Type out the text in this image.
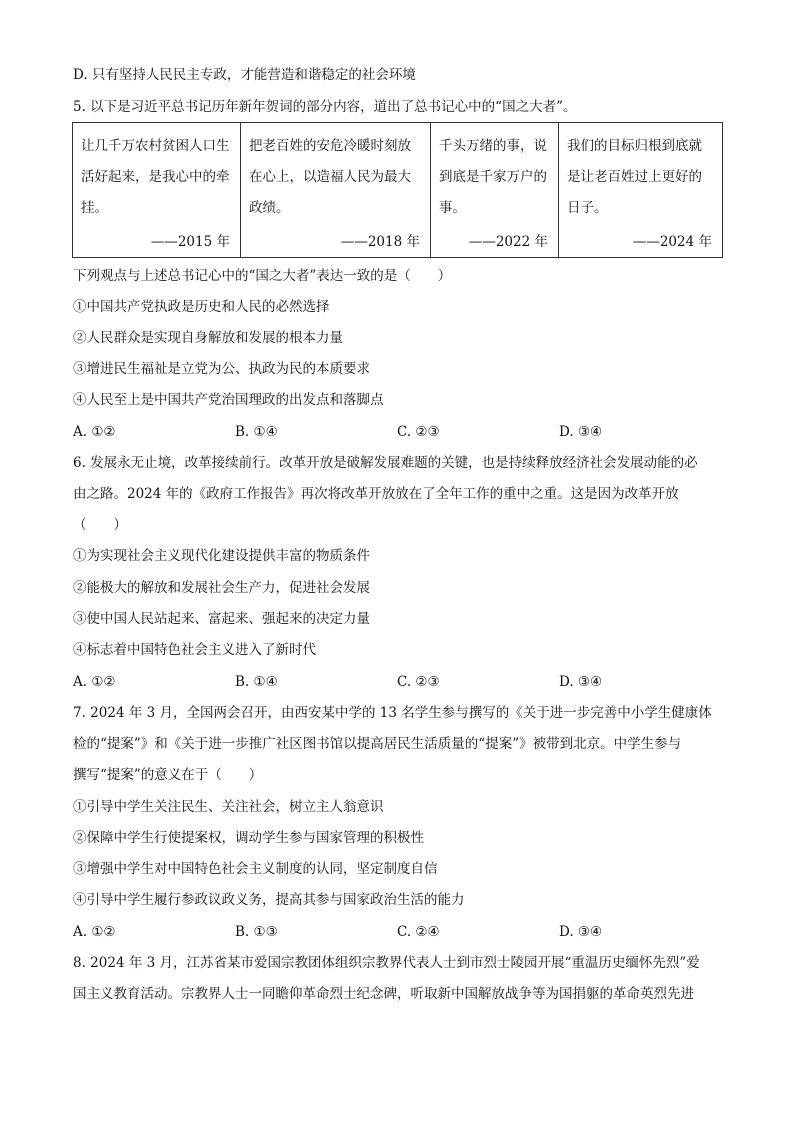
D. 只有坚持人民民主专政，才能营造和谐稳定的社会环境
5. 以下是习近平总书记历年新年贺词的部分内容，道出了总书记心中的“国之大者”。
让几千万农村贫困人口生活好起来，是我心中的牵挂。
——2015 年

把老百姓的安危冷暖时刻放在心上，以造福人民为最大政绩。
——2018 年

千头万绪的事，说到底是千家万户的事。
——2022 年

我们的目标归根到底就是让老百姓过上更好的日子。
——2024 年
下列观点与上述总书记心中的“国之大者”表达一致的是（　　）
①中国共产党执政是历史和人民的必然选择
②人民群众是实现自身解放和发展的根本力量
③增进民生福祉是立党为公、执政为民的本质要求
④人民至上是中国共产党治国理政的出发点和落脚点
A. ①②	B. ①④	C. ②③	D. ③④
6. 发展永无止境，改革接续前行。改革开放是破解发展难题的关键，也是持续释放经济社会发展动能的必
由之路。2024 年的《政府工作报告》再次将改革开放放在了全年工作的重中之重。这是因为改革开放
（　　）
①为实现社会主义现代化建设提供丰富的物质条件
②能极大的解放和发展社会生产力，促进社会发展
③使中国人民站起来、富起来、强起来的决定力量
④标志着中国特色社会主义进入了新时代
A. ①②	B. ①④	C. ②③	D. ③④
7. 2024 年 3 月，全国两会召开，由西安某中学的 13 名学生参与撰写的《关于进一步完善中小学生健康体
检的“提案”》和《关于进一步推广社区图书馆以提高居民生活质量的“提案”》被带到北京。中学生参与
撰写“提案”的意义在于（　　）
①引导中学生关注民生、关注社会，树立主人翁意识
②保障中学生行使提案权，调动学生参与国家管理的积极性
③增强中学生对中国特色社会主义制度的认同，坚定制度自信
④引导中学生履行参政议政义务，提高其参与国家政治生活的能力
A. ①②	B. ①③	C. ②④	D. ③④
8. 2024 年 3 月，江苏省某市爱国宗教团体组织宗教界代表人士到市烈士陵园开展“重温历史缅怀先烈”爱
国主义教育活动。宗教界人士一同瞻仰革命烈士纪念碑，听取新中国解放战争等为国捐躯的革命英烈先进
